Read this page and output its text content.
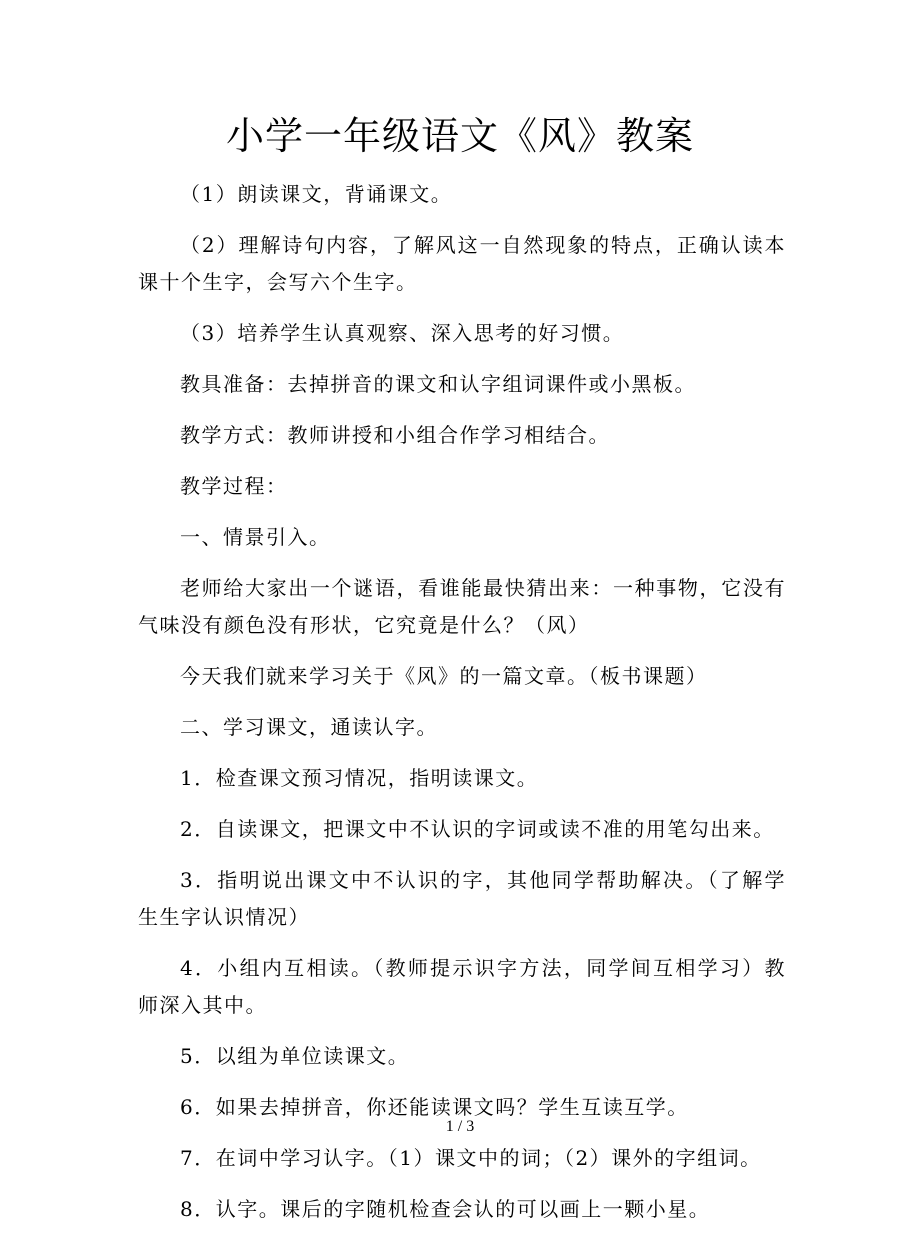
小学一年级语文《风》教案

（1）朗读课文，背诵课文。

（2）理解诗句内容，了解风这一自然现象的特点，正确认读本课十个生字，会写六个生字。

（3）培养学生认真观察、深入思考的好习惯。

教具准备：去掉拼音的课文和认字组词课件或小黑板。

教学方式：教师讲授和小组合作学习相结合。

教学过程：

一、情景引入。

老师给大家出一个谜语，看谁能最快猜出来：一种事物，它没有气味没有颜色没有形状，它究竟是什么？（风）

今天我们就来学习关于《风》的一篇文章。（板书课题）

二、学习课文，通读认字。

1．检查课文预习情况，指明读课文。

2．自读课文，把课文中不认识的字词或读不准的用笔勾出来。

3．指明说出课文中不认识的字，其他同学帮助解决。（了解学生生字认识情况）

4．小组内互相读。（教师提示识字方法，同学间互相学习）教师深入其中。

5．以组为单位读课文。

6．如果去掉拼音，你还能读课文吗？学生互读互学。

7．在词中学习认字。（1）课文中的词；（2）课外的字组词。

8．认字。课后的字随机检查会认的可以画上一颗小星。

1 / 3
